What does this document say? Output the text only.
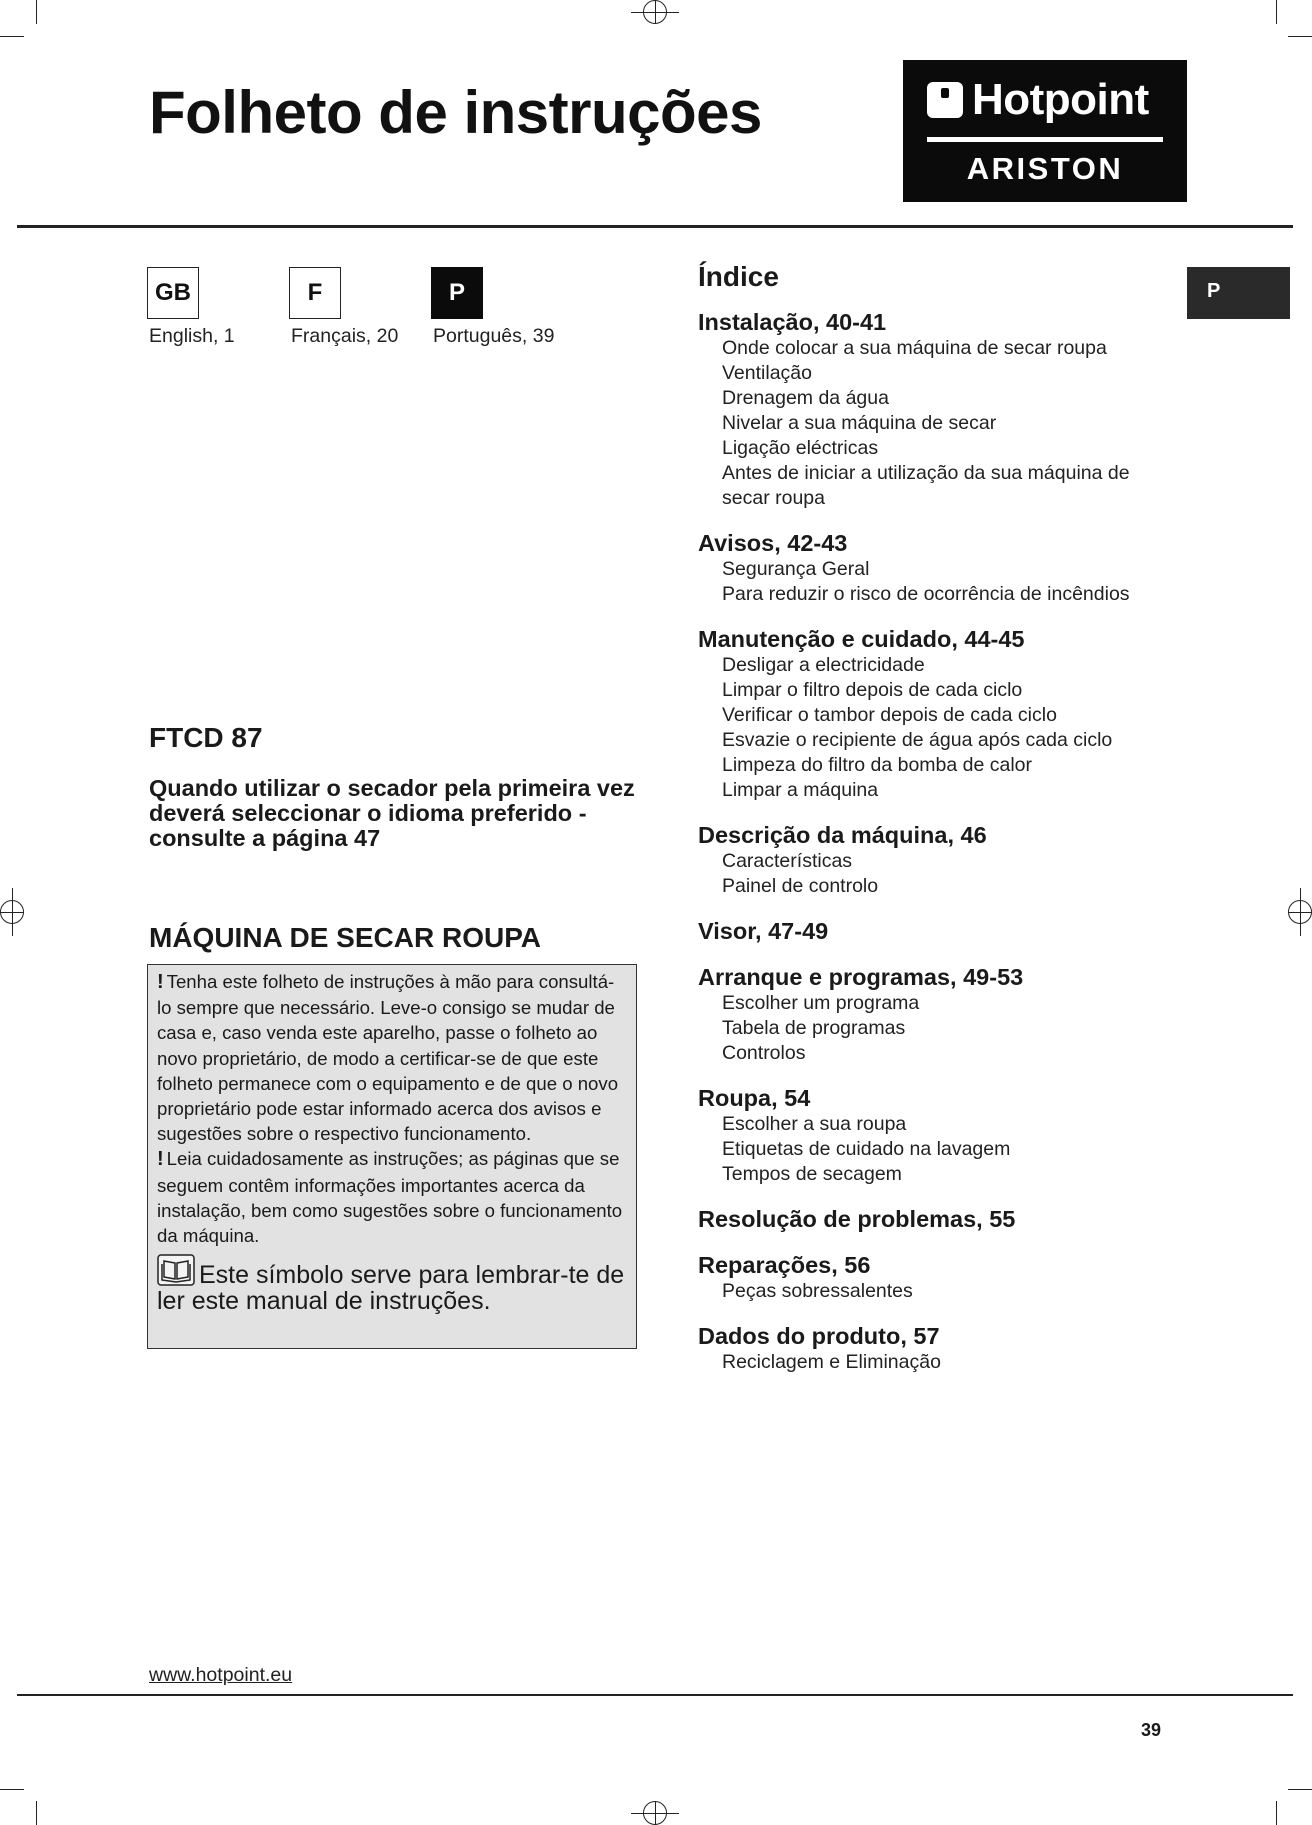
Folheto de instruções	Hotpoint
ARISTON
GB
English, 1
F
Français, 20
P
Português, 39
FTCD 87

Quando utilizar o secador pela primeira vez deverá seleccionar o idioma preferido - consulte a página 47

MÁQUINA DE SECAR ROUPA

! Tenha este folheto de instruções à mão para consultá-lo sempre que necessário. Leve-o consigo se mudar de casa e, caso venda este aparelho, passe o folheto ao novo proprietário, de modo a certificar-se de que este folheto permanece com o equipamento e de que o novo proprietário pode estar informado acerca dos avisos e sugestões sobre o respectivo funcionamento.

! Leia cuidadosamente as instruções; as páginas que se seguem contêm informações importantes acerca da instalação, bem como sugestões sobre o funcionamento da máquina.

Este símbolo serve para lembrar-te de ler este manual de instruções.

Índice
Instalação, 40-41
Onde colocar a sua máquina de secar roupa
Ventilação
Drenagem da água
Nivelar a sua máquina de secar
Ligação eléctricas
Antes de iniciar a utilização da sua máquina de secar roupa
Avisos, 42-43
Segurança Geral
Para reduzir o risco de ocorrência de incêndios
Manutenção e cuidado, 44-45
Desligar a electricidade
Limpar o filtro depois de cada ciclo
Verificar o tambor depois de cada ciclo
Esvazie o recipiente de água após cada ciclo
Limpeza do filtro da bomba de calor
Limpar a máquina
Descrição da máquina, 46
Características
Painel de controlo
Visor, 47-49
Arranque e programas, 49-53
Escolher um programa
Tabela de programas
Controlos
Roupa, 54
Escolher a sua roupa
Etiquetas de cuidado na lavagem
Tempos de secagem
Resolução de problemas, 55
Reparações, 56
Peças sobressalentes
Dados do produto, 57
Reciclagem e Eliminação
P
www.hotpoint.eu
39
